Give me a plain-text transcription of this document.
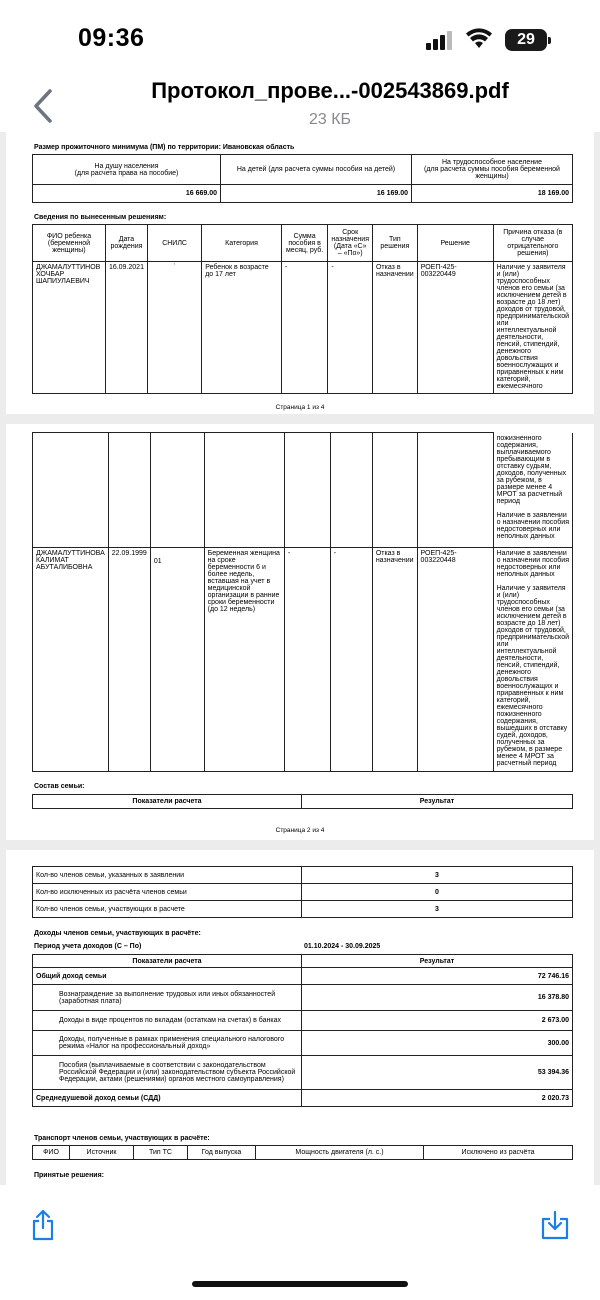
09:36	29
Протокол_прове...-002543869.pdf
23 КБ
Размер прожиточного минимума (ПМ) по территории: Ивановская область
На душу населения
(для расчета права на пособие)	На детей (для расчета суммы пособия на детей)	На трудоспособное население
(для расчета суммы пособия беременной женщины)
16 669.00	16 169.00	18 169.00
Сведения по вынесенным решениям:
ФИО ребенка (беременной женщины)	Дата рождения	СНИЛС	Категория	Сумма пособия в месяц, руб.	Срок назначения (Дата «С» – «По»)	Тип решения	Решение	Причина отказа (в случае отрицательного решения)
ДЖАМАЛУТТИНОВ ХОЧБАР ШАПИУЛАЕВИЧ	16.09.2021	`	Ребенок в возрасте до 17 лет	-	-	Отказ в назначении	РОЕП-425-003220449	Наличие у заявителя и (или) трудоспособных членов его семьи (за исключением детей в возрасте до 18 лет) доходов от трудовой, предпринимательской или интеллектуальной деятельности, пенсий, стипендий, денежного довольствия военнослужащих и приравненных к ним категорий, ежемесячного
Страница 1 из 4

								пожизненного содержания, выплачиваемого пребывающим в отставку судьям, доходов, полученных за рубежом, в размере менее 4 МРОТ за расчетный период
Наличие в заявлении о назначении пособия недостоверных или неполных данных

ДЖАМАЛУТТИНОВА КАЛИМАТ АБУТАЛИБОВНА	22.09.1999	01	Беременная женщина на сроке беременности 6 и более недель, вставшая на учет в медицинской организации в ранние сроки беременности (до 12 недель)	-	-	Отказ в назначении	РОЕП-425-003220448	Наличие в заявлении о назначении пособия недостоверных или неполных данных

Наличие у заявителя и (или) трудоспособных членов его семьи (за исключением детей в возрасте до 18 лет) доходов от трудовой, предпринимательской или интеллектуальной деятельности, пенсий, стипендий, денежного довольствия военнослужащих и приравненных к ним категорий, ежемесячного пожизненного содержания, вышедших в отставку судей, доходов, полученных за рубежом, в размере менее 4 МРОТ за расчетный период
Состав семьи:
Показатели расчета	Результат
Страница 2 из 4
Кол-во членов семьи, указанных в заявлении	3
Кол-во исключенных из расчёта членов семьи	0
Кол-во членов семьи, участвующих в расчете	3
Доходы членов семьи, участвующих в расчёте:
Период учета доходов (С – По)	01.10.2024 - 30.09.2025
Показатели расчета	Результат
Общий доход семьи	72 746.16
Вознаграждение за выполнение трудовых или иных обязанностей (заработная плата)	16 378.80
Доходы в виде процентов по вкладам (остаткам на счетах) в банках	2 673.00
Доходы, полученные в рамках применения специального налогового режима «Налог на профессиональный доход»	300.00
Пособия (выплачиваемые в соответствии с законодательством Российской Федерации и (или) законодательством субъекта Российской Федерации, актами (решениями) органов местного самоуправления)	53 394.36
Среднедушевой доход семьи (СДД)	2 020.73
Транспорт членов семьи, участвующих в расчёте:
ФИО	Источник	Тип ТС	Год выпуска	Мощность двигателя (л. с.)	Исключено из расчёта
Принятые решения:
